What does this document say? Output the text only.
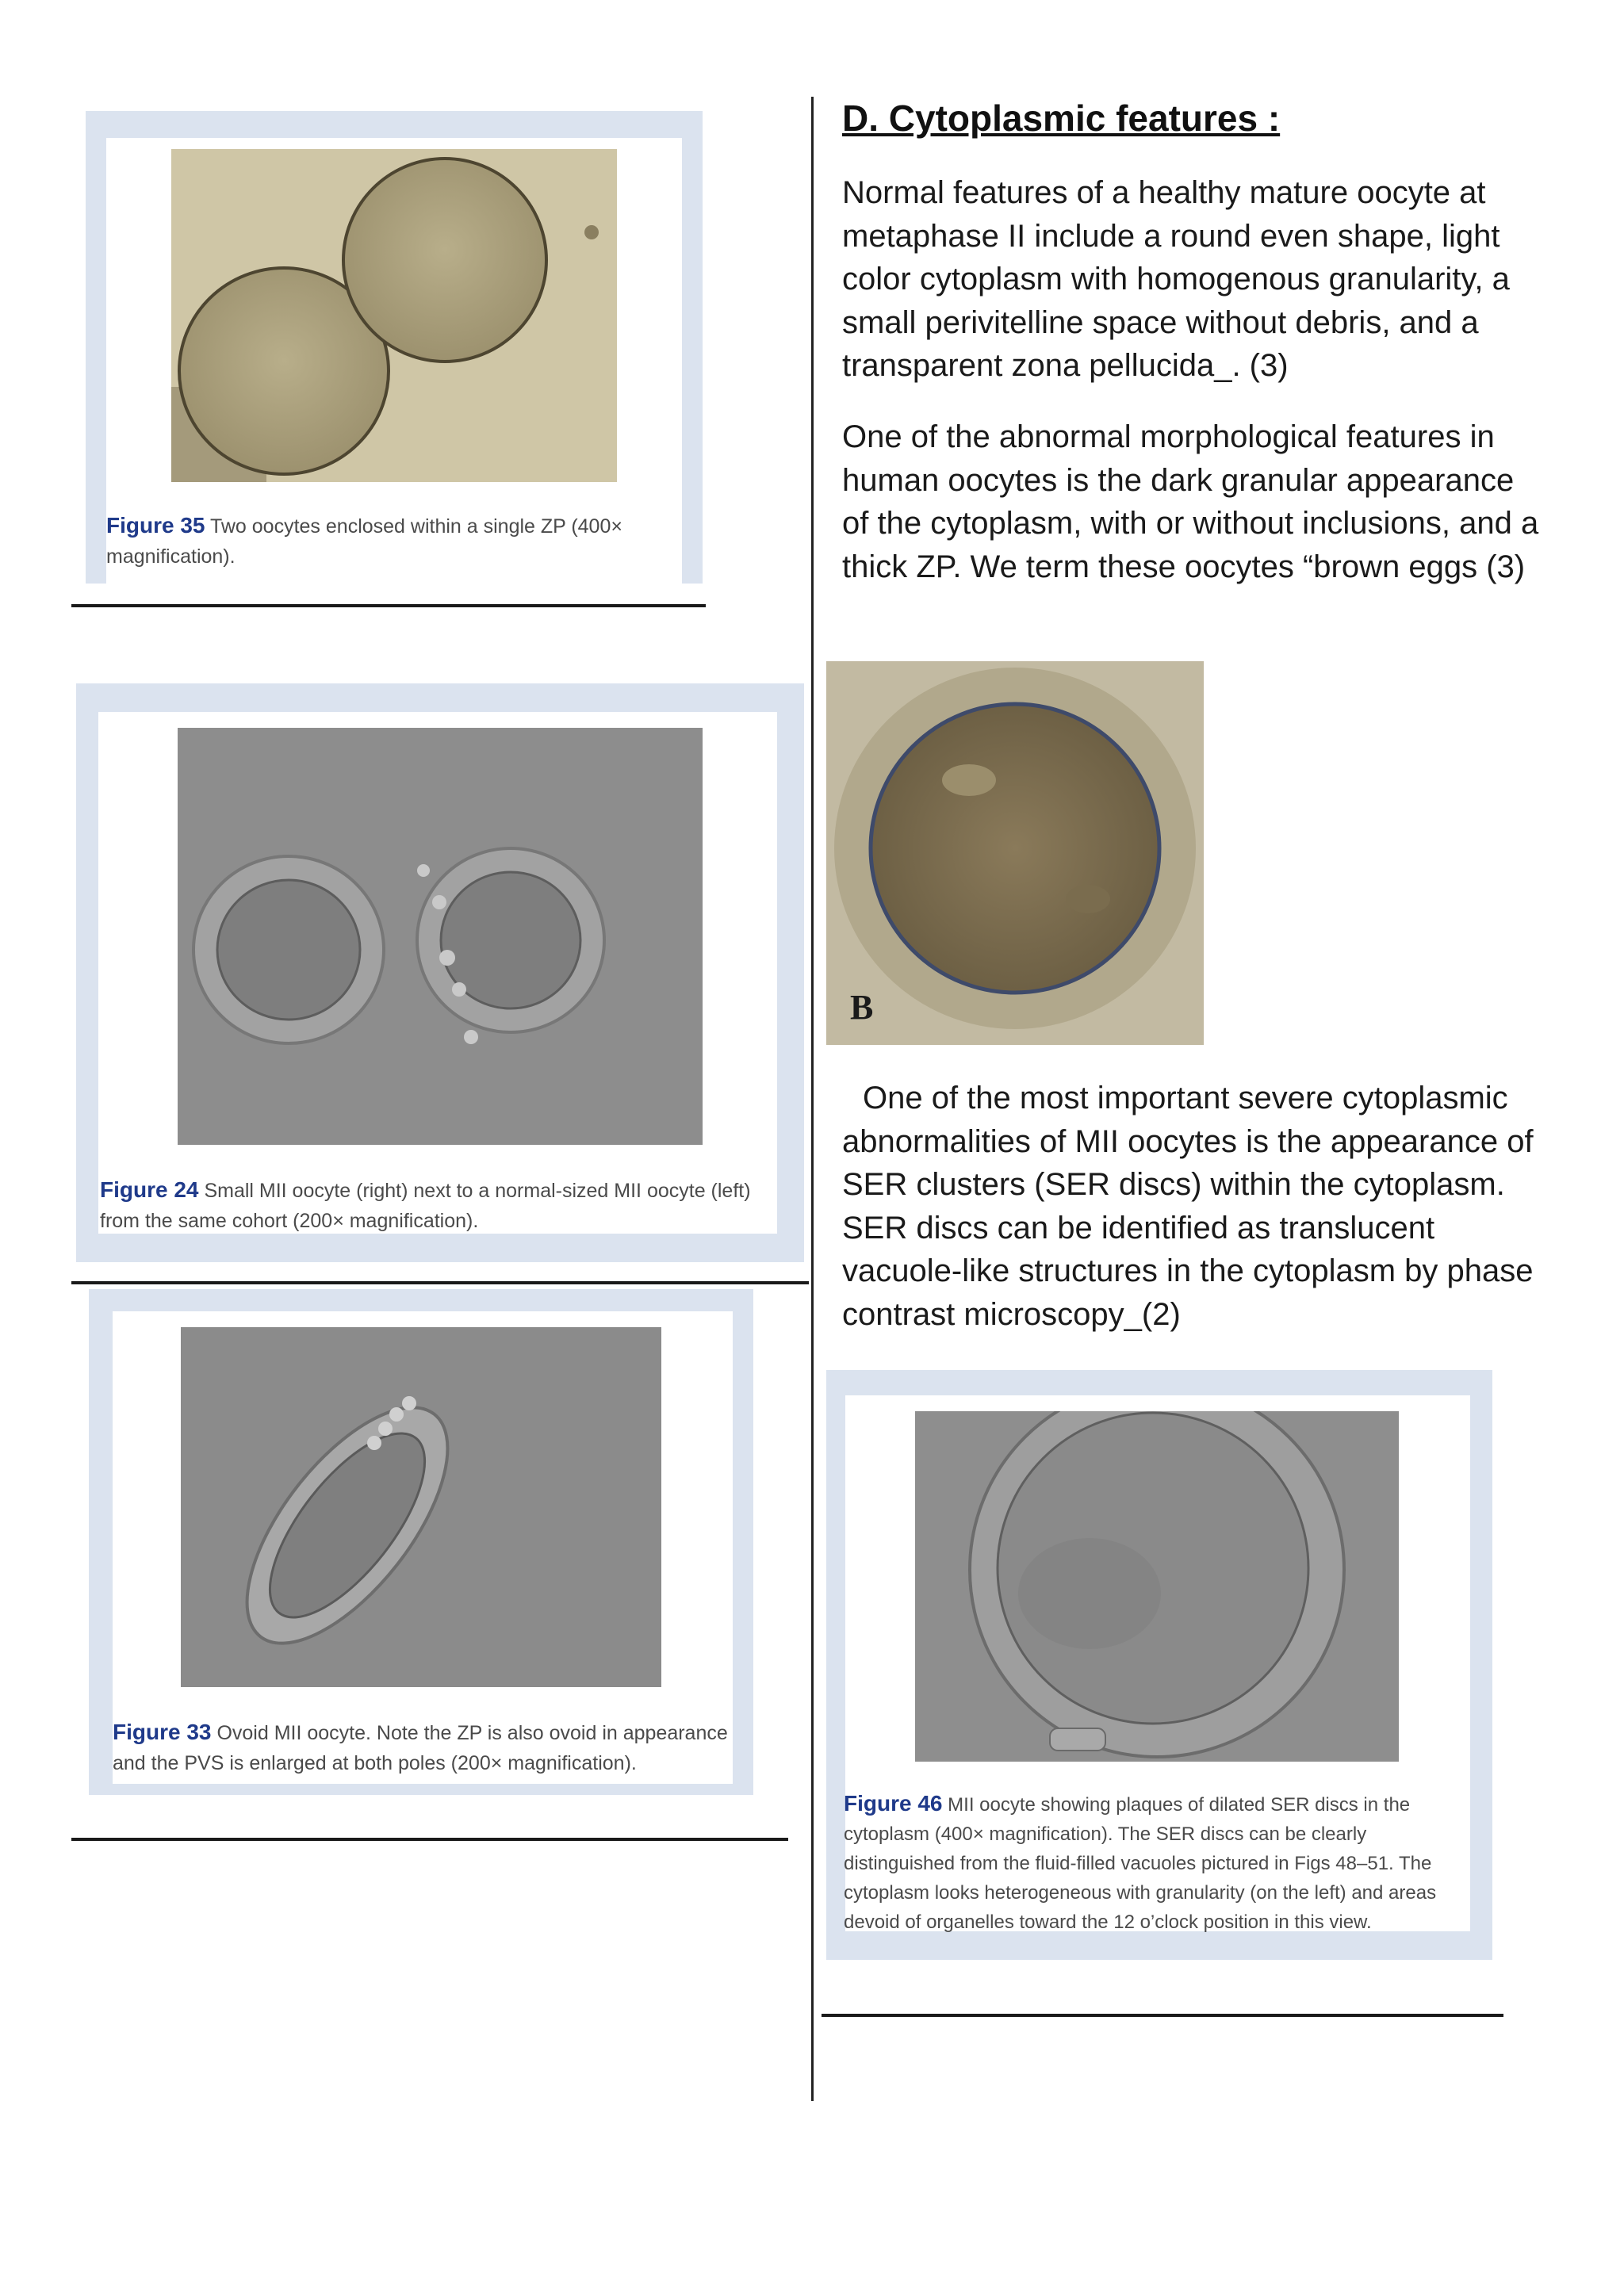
Figure 35 Two oocytes enclosed within a single ZP (400× magnification).
Figure 24 Small MII oocyte (right) next to a normal-sized MII oocyte (left) from the same cohort (200× magnification).
Figure 33 Ovoid MII oocyte. Note the ZP is also ovoid in appearance and the PVS is enlarged at both poles (200× magnification).
D. Cytoplasmic features :
Normal features of a healthy mature oocyte at metaphase II include a round even shape, light color cytoplasm with homogenous granularity, a small perivitelline space without debris, and a transparent zona pellucida_. (3)
One of the abnormal morphological features in human oocytes is the dark granular appearance of the cytoplasm, with or without inclusions, and a thick ZP. We term these oocytes “brown eggs (3)
B
One of the most important severe cytoplasmic abnormalities of MII oocytes is the appearance of SER clusters (SER discs) within the cytoplasm. SER discs can be identified as translucent vacuole-like structures in the cytoplasm by phase contrast microscopy_(2)
Figure 46 MII oocyte showing plaques of dilated SER discs in the cytoplasm (400× magnification). The SER discs can be clearly distinguished from the fluid-filled vacuoles pictured in Figs 48–51. The cytoplasm looks heterogeneous with granularity (on the left) and areas devoid of organelles toward the 12 o’clock position in this view.
